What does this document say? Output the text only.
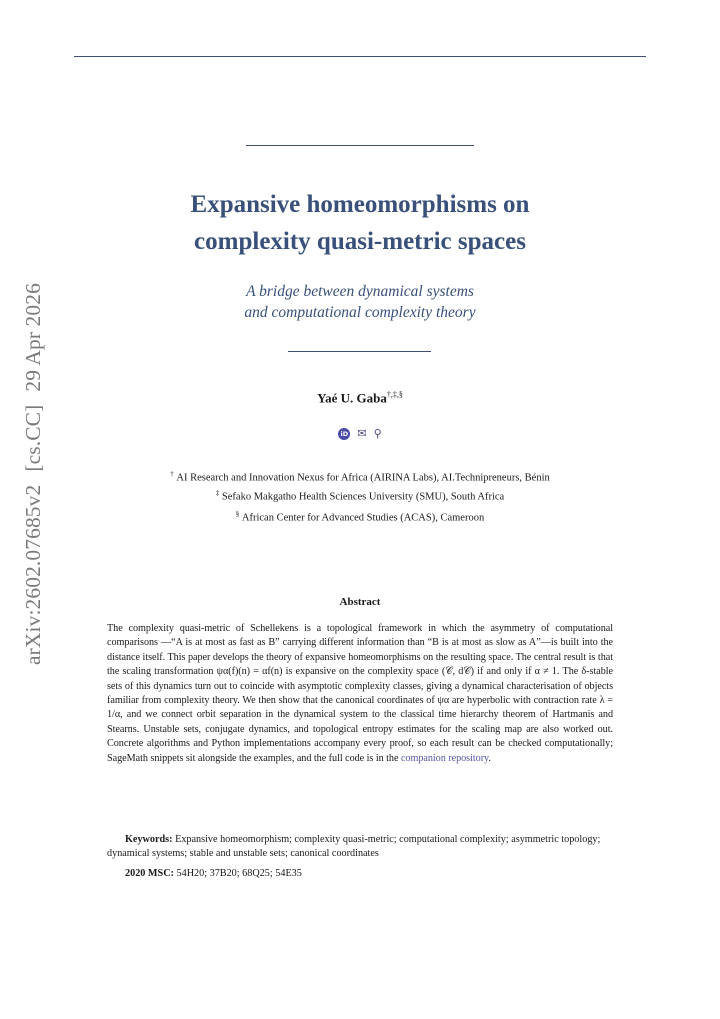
arXiv:2602.07685v2[cs.CC]29 Apr 2026
Expansive homeomorphisms on
complexity quasi-metric spaces
A bridge between dynamical systems
and computational complexity theory
Yaé U. Gaba†,‡,§
iD ✉ ⚲
† AI Research and Innovation Nexus for Africa (AIRINA Labs), AI.Technipreneurs, Bénin
‡ Sefako Makgatho Health Sciences University (SMU), South Africa
§ African Center for Advanced Studies (ACAS), Cameroon
Abstract

The complexity quasi-metric of Schellekens is a topological framework in which the asymmetry of computational comparisons —“A is at most as fast as B” carrying different information than “B is at most as slow as A”—is built into the distance itself. This paper develops the theory of expansive homeomorphisms on the resulting space. The central result is that the scaling transformation ψα(f)(n) = αf(n) is expansive on the complexity space (𝒞, d𝒞) if and only if α ≠ 1. The δ-stable sets of this dynamics turn out to coincide with asymptotic complexity classes, giving a dynamical characterisation of objects familiar from complexity theory. We then show that the canonical coordinates of ψα are hyperbolic with contraction rate λ = 1/α, and we connect orbit separation in the dynamical system to the classical time hierarchy theorem of Hartmanis and Stearns. Unstable sets, conjugate dynamics, and topological entropy estimates for the scaling map are also worked out. Concrete algorithms and Python implementations accompany every proof, so each result can be checked computationally; SageMath snippets sit alongside the examples, and the full code is in the companion repository.

Keywords: Expansive homeomorphism; complexity quasi-metric; computational complexity; asymmetric topology; dynamical systems; stable and unstable sets; canonical coordinates
2020 MSC: 54H20; 37B20; 68Q25; 54E35
